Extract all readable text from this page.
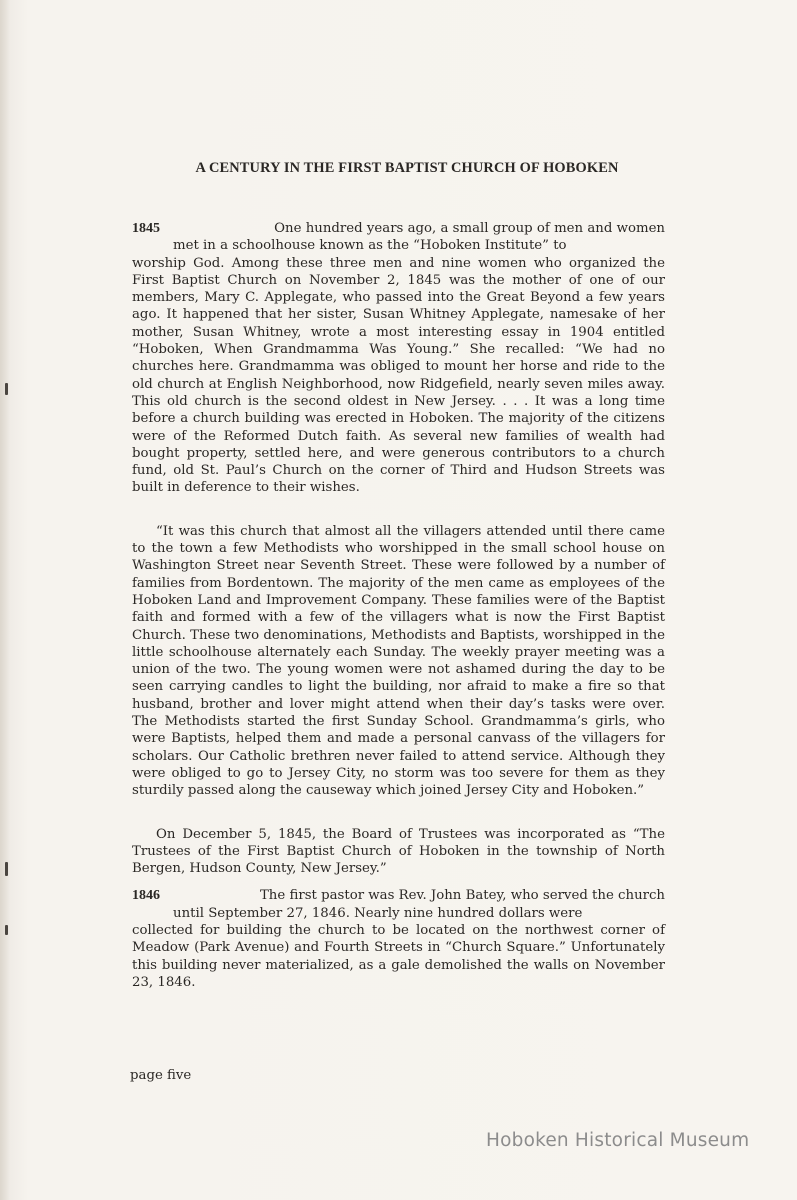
A CENTURY IN THE FIRST BAPTIST CHURCH OF HOBOKEN
1845	One hundred years ago, a small group of men and women
met in a schoolhouse known as the “Hoboken Institute” to
worship God. Among these three men and nine women who organized the First Baptist Church on November 2, 1845 was the mother of one of our members, Mary C. Applegate, who passed into the Great Beyond a few years ago. It happened that her sister, Susan Whitney Applegate, namesake of her mother, Susan Whitney, wrote a most interesting essay in 1904 entitled “Hoboken, When Grandmamma Was Young.” She recalled: “We had no churches here. Grandmamma was obliged to mount her horse and ride to the old church at English Neighborhood, now Ridgefield, nearly seven miles away. This old church is the second oldest in New Jersey. . . . It was a long time before a church building was erected in Hoboken. The majority of the citizens were of the Reformed Dutch faith. As several new families of wealth had bought property, settled here, and were generous contributors to a church fund, old St. Paul’s Church on the corner of Third and Hudson Streets was built in deference to their wishes.

“It was this church that almost all the villagers attended until there came to the town a few Methodists who worshipped in the small school house on Washington Street near Seventh Street. These were followed by a number of families from Bordentown. The majority of the men came as employees of the Hoboken Land and Improvement Company. These families were of the Baptist faith and formed with a few of the villagers what is now the First Baptist Church. These two denominations, Methodists and Baptists, worshipped in the little schoolhouse alternately each Sunday. The weekly prayer meeting was a union of the two. The young women were not ashamed during the day to be seen carrying candles to light the building, nor afraid to make a fire so that husband, brother and lover might attend when their day’s tasks were over. The Methodists started the first Sunday School. Grandmamma’s girls, who were Baptists, helped them and made a personal canvass of the villagers for scholars. Our Catholic brethren never failed to attend service. Although they were obliged to go to Jersey City, no storm was too severe for them as they sturdily passed along the causeway which joined Jersey City and Hoboken.”

On December 5, 1845, the Board of Trustees was incorporated as “The Trustees of the First Baptist Church of Hoboken in the township of North Bergen, Hudson County, New Jersey.”

1846	The first pastor was Rev. John Batey, who served the church
until September 27, 1846. Nearly nine hundred dollars were
collected for building the church to be located on the northwest corner of Meadow (Park Avenue) and Fourth Streets in “Church Square.” Unfortunately this building never materialized, as a gale demolished the walls on November 23, 1846.
page five
Hoboken Historical Museum
